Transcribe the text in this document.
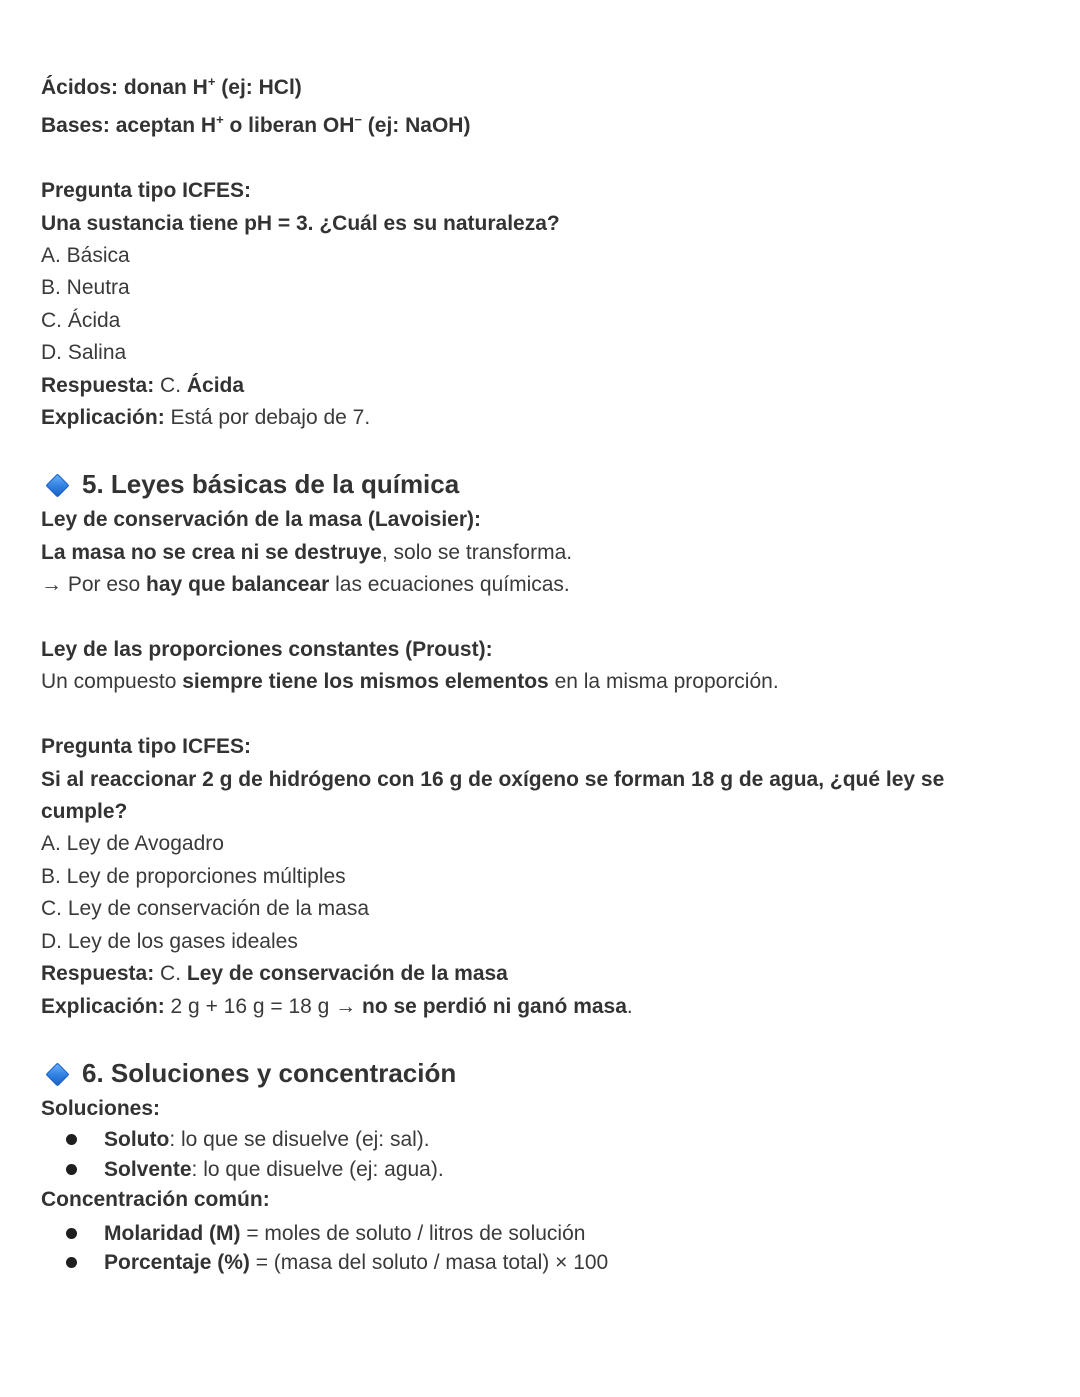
Ácidos: donan H+ (ej: HCl)

Bases: aceptan H+ o liberan OH− (ej: NaOH)

Pregunta tipo ICFES:

Una sustancia tiene pH = 3. ¿Cuál es su naturaleza?

A. Básica

B. Neutra

C. Ácida

D. Salina

Respuesta: C. Ácida

Explicación: Está por debajo de 7.

5. Leyes básicas de la química

Ley de conservación de la masa (Lavoisier):

La masa no se crea ni se destruye, solo se transforma.

→ Por eso hay que balancear las ecuaciones químicas.

Ley de las proporciones constantes (Proust):

Un compuesto siempre tiene los mismos elementos en la misma proporción.

Pregunta tipo ICFES:

Si al reaccionar 2 g de hidrógeno con 16 g de oxígeno se forman 18 g de agua, ¿qué ley se

cumple?

A. Ley de Avogadro

B. Ley de proporciones múltiples

C. Ley de conservación de la masa

D. Ley de los gases ideales

Respuesta: C. Ley de conservación de la masa

Explicación: 2 g + 16 g = 18 g → no se perdió ni ganó masa.

6. Soluciones y concentración

Soluciones:

Soluto: lo que se disuelve (ej: sal).
Solvente: lo que disuelve (ej: agua).

Concentración común:

Molaridad (M) = moles de soluto / litros de solución
Porcentaje (%) = (masa del soluto / masa total) × 100
